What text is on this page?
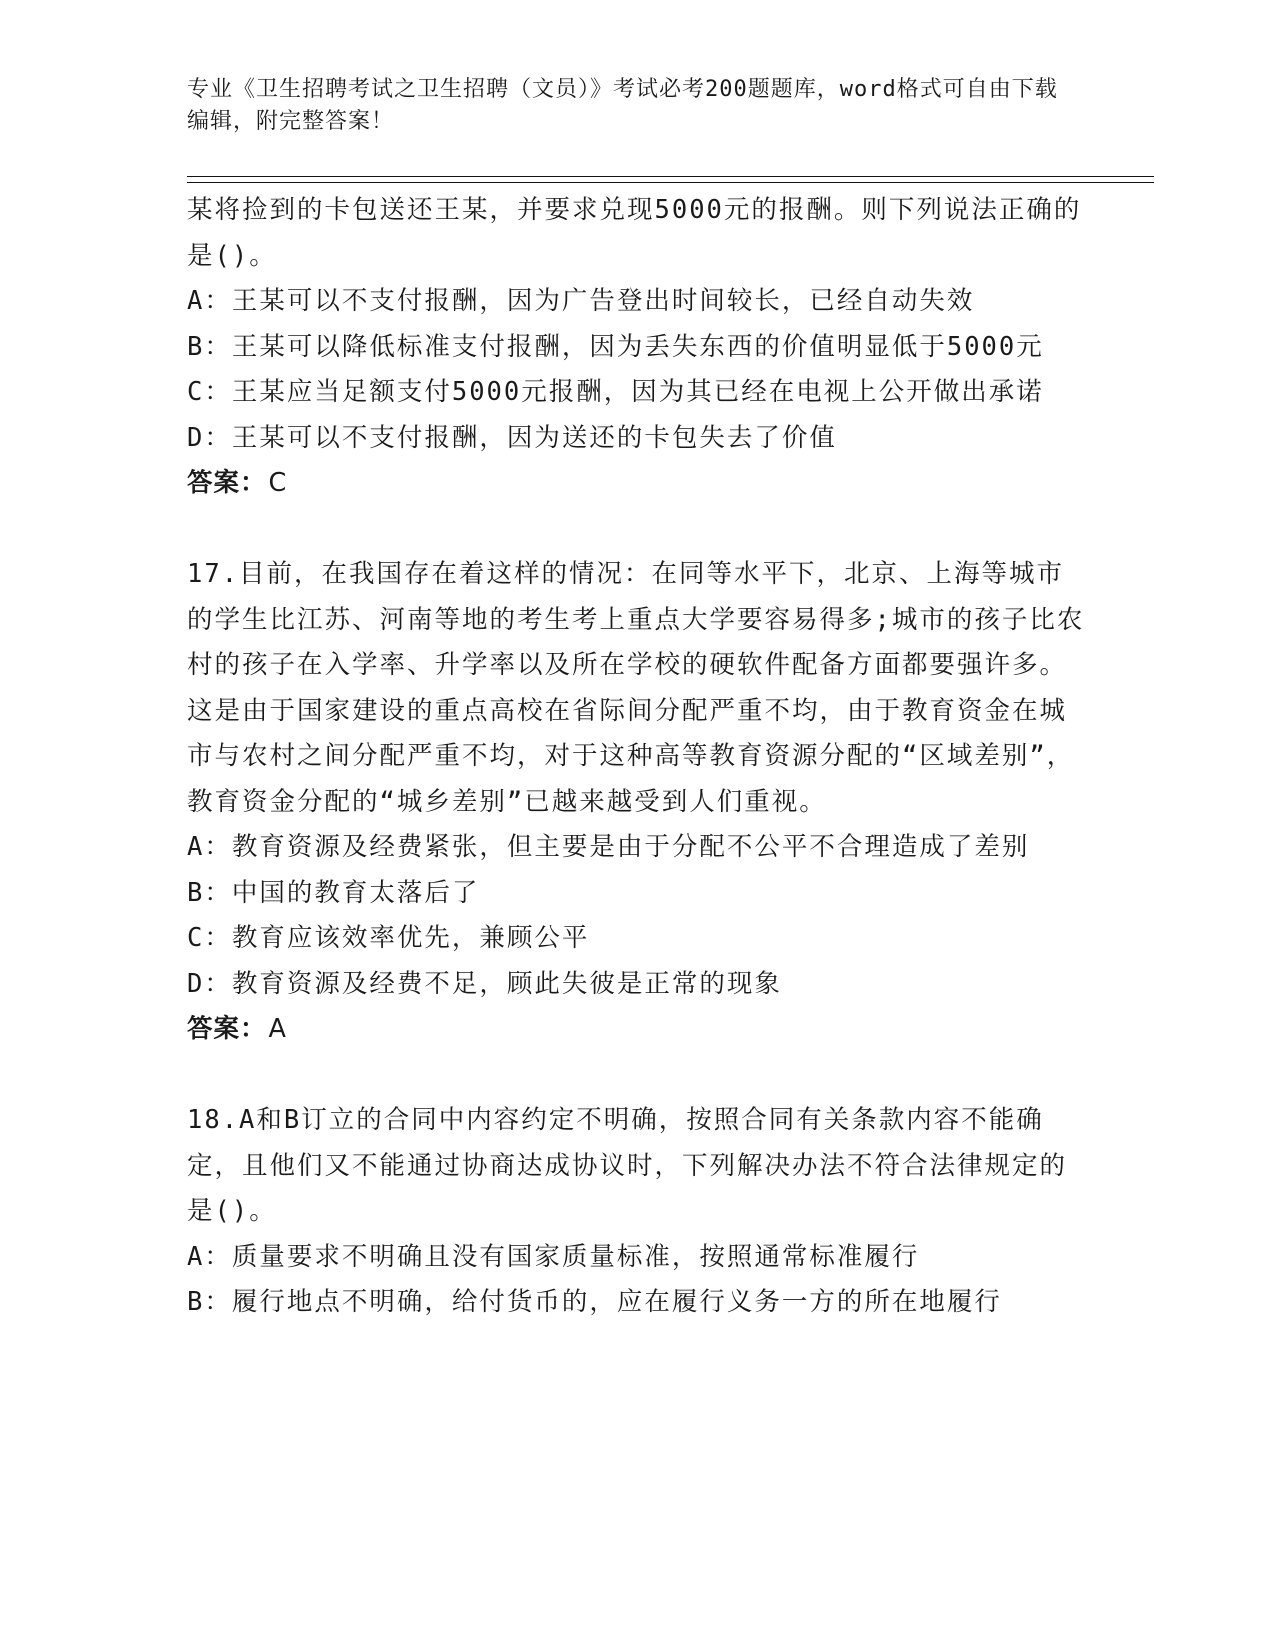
专业《卫生招聘考试之卫生招聘（文员）》考试必考200题题库，word格式可自由下载编辑，附完整答案！

某将捡到的卡包送还王某，并要求兑现5000元的报酬。则下列说法正确的是()。

A：王某可以不支付报酬，因为广告登出时间较长，已经自动失效

B：王某可以降低标准支付报酬，因为丢失东西的价值明显低于5000元

C：王某应当足额支付5000元报酬，因为其已经在电视上公开做出承诺

D：王某可以不支付报酬，因为送还的卡包失去了价值

答案：C

17.目前，在我国存在着这样的情况：在同等水平下，北京、上海等城市的学生比江苏、河南等地的考生考上重点大学要容易得多;城市的孩子比农村的孩子在入学率、升学率以及所在学校的硬软件配备方面都要强许多。这是由于国家建设的重点高校在省际间分配严重不均，由于教育资金在城市与农村之间分配严重不均，对于这种高等教育资源分配的“区域差别”，教育资金分配的“城乡差别”已越来越受到人们重视。

A：教育资源及经费紧张，但主要是由于分配不公平不合理造成了差别

B：中国的教育太落后了

C：教育应该效率优先，兼顾公平

D：教育资源及经费不足，顾此失彼是正常的现象

答案：A

18.A和B订立的合同中内容约定不明确，按照合同有关条款内容不能确定，且他们又不能通过协商达成协议时，下列解决办法不符合法律规定的是()。

A：质量要求不明确且没有国家质量标准，按照通常标准履行

B：履行地点不明确，给付货币的，应在履行义务一方的所在地履行
